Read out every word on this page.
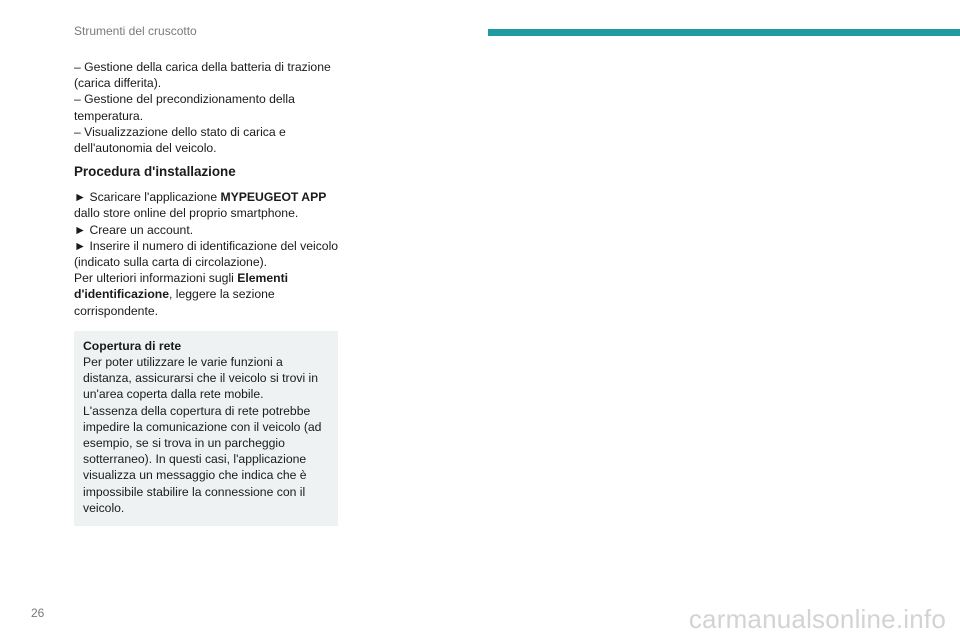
Strumenti del cruscotto
– Gestione della carica della batteria di trazione (carica differita).
– Gestione del precondizionamento della temperatura.
– Visualizzazione dello stato di carica e dell'autonomia del veicolo.
Procedura d'installazione

► Scaricare l'applicazione MYPEUGEOT APP dallo store online del proprio smartphone.

► Creare un account.

► Inserire il numero di identificazione del veicolo (indicato sulla carta di circolazione).

Per ulteriori informazioni sugli Elementi d'identificazione, leggere la sezione corrispondente.

Copertura di rete

Per poter utilizzare le varie funzioni a distanza, assicurarsi che il veicolo si trovi in un'area coperta dalla rete mobile.

L'assenza della copertura di rete potrebbe impedire la comunicazione con il veicolo (ad esempio, se si trova in un parcheggio sotterraneo). In questi casi, l'applicazione visualizza un messaggio che indica che è impossibile stabilire la connessione con il veicolo.

26	carmanualsonline.info
